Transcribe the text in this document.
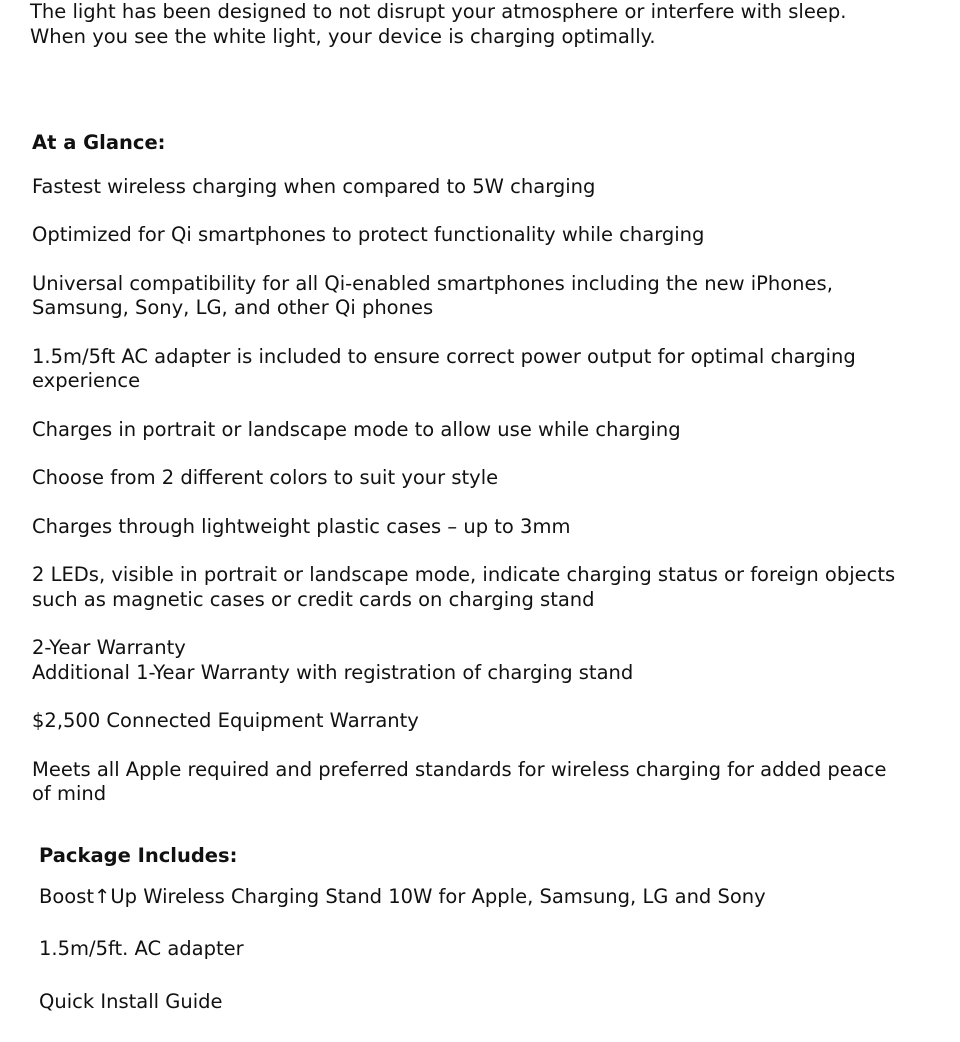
The light has been designed to not disrupt your atmosphere or interfere with sleep.

When you see the white light, your device is charging optimally.

At a Glance:
Fastest wireless charging when compared to 5W charging
Optimized for Qi smartphones to protect functionality while charging
Universal compatibility for all Qi-enabled smartphones including the new iPhones,
Samsung, Sony, LG, and other Qi phones
1.5m/5ft AC adapter is included to ensure correct power output for optimal charging
experience
Charges in portrait or landscape mode to allow use while charging
Choose from 2 different colors to suit your style
Charges through lightweight plastic cases – up to 3mm
2 LEDs, visible in portrait or landscape mode, indicate charging status or foreign objects
such as magnetic cases or credit cards on charging stand
2-Year Warranty
Additional 1-Year Warranty with registration of charging stand
$2,500 Connected Equipment Warranty
Meets all Apple required and preferred standards for wireless charging for added peace
of mind
Package Includes:
Boost↑Up Wireless Charging Stand 10W for Apple, Samsung, LG and Sony
1.5m/5ft. AC adapter
Quick Install Guide
